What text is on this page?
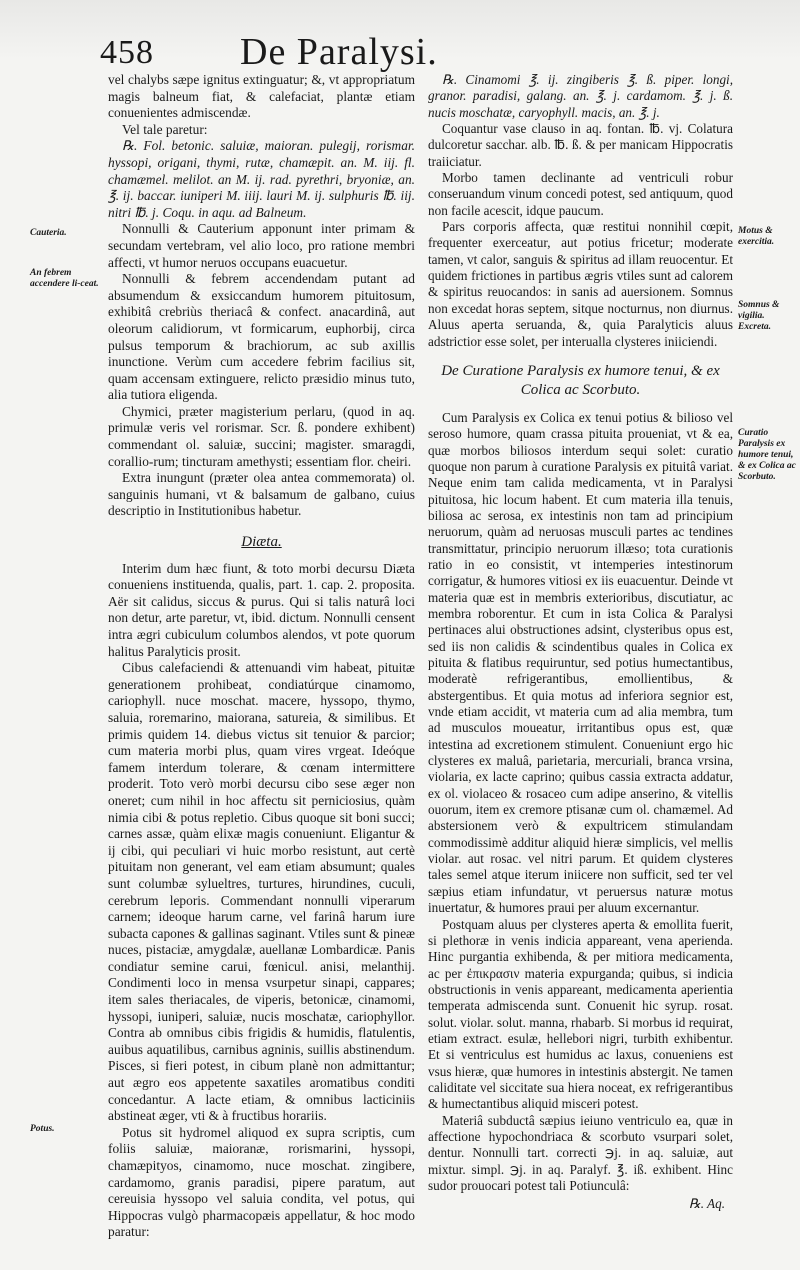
458 De Paralysi.
Cauteria.
An febrem accendere li-ceat.
Potus.
Motus & exercitia.
Somnus & vigilia. Excreta.
Curatio Paralysis ex humore tenui, & ex Colica ac Scorbuto.

vel chalybs sæpe ignitus extinguatur; &, vt appropriatum magis balneum fiat, & calefaciat, plantæ etiam conuenientes admiscendæ.

Vel tale paretur:

℞. Fol. betonic. saluiæ, maioran. pulegij, rorismar. hyssopi, origani, thymi, rutæ, chamæpit. an. M. iij. fl. chamæmel. melilot. an M. ij. rad. pyrethri, bryoniæ, an. ℥. ij. baccar. iuniperi M. iiij. lauri M. ij. sulphuris ℔. iij. nitri ℔. j. Coqu. in aqu. ad Balneum.

Nonnulli & Cauterium apponunt inter primam & secundam vertebram, vel alio loco, pro ratione membri affecti, vt humor neruos occupans euacuetur.

Nonnulli & febrem accendendam putant ad absumendum & exsiccandum humorem pituitosum, exhibitâ crebriùs theriacâ & confect. anacardinâ, aut oleorum calidiorum, vt formicarum, euphorbij, circa pulsus temporum & brachiorum, ac sub axillis inunctione. Verùm cum accedere febrim facilius sit, quam accensam extinguere, relicto præsidio minus tuto, alia tutiora eligenda.

Chymici, præter magisterium perlaru, (quod in aq. primulæ veris vel rorismar. Scr. ß. pondere exhibent) commendant ol. saluiæ, succini; magister. smaragdi, corallio-rum; tincturam amethysti; essentiam flor. cheiri.

Extra inungunt (præter olea antea commemorata) ol. sanguinis humani, vt & balsamum de galbano, cuius descriptio in Institutionibus habetur.

Diæta.

Interim dum hæc fiunt, & toto morbi decursu Diæta conueniens instituenda, qualis, part. 1. cap. 2. proposita. Aër sit calidus, siccus & purus. Qui si talis naturâ loci non detur, arte paretur, vt, ibid. dictum. Nonnulli censent intra ægri cubiculum columbos alendos, vt pote quorum halitus Paralyticis prosit.

Cibus calefaciendi & attenuandi vim habeat, pituitæ generationem prohibeat, condiatúrque cinamomo, cariophyll. nuce moschat. macere, hyssopo, thymo, saluia, roremarino, maiorana, satureia, & similibus. Et primis quidem 14. diebus victus sit tenuior & parcior; cum materia morbi plus, quam vires vrgeat. Ideóque famem interdum tolerare, & cœnam intermittere proderit. Toto verò morbi decursu cibo sese æger non oneret; cum nihil in hoc affectu sit perniciosius, quàm nimia cibi & potus repletio. Cibus quoque sit boni succi; carnes assæ, quàm elixæ magis conueniunt. Eligantur & ij cibi, qui peculiari vi huic morbo resistunt, aut certè pituitam non generant, vel eam etiam absumunt; quales sunt columbæ sylueltres, turtures, hirundines, cuculi, cerebrum leporis. Commendant nonnulli viperarum carnem; ideoque harum carne, vel farinâ harum iure subacta capones & gallinas saginant. Vtiles sunt & pineæ nuces, pistaciæ, amygdalæ, auellanæ Lombardicæ. Panis condiatur semine carui, fœnicul. anisi, melanthij. Condimenti loco in mensa vsurpetur sinapi, cappares; item sales theriacales, de viperis, betonicæ, cinamomi, hyssopi, iuniperi, saluiæ, nucis moschatæ, cariophyllor. Contra ab omnibus cibis frigidis & humidis, flatulentis, auibus aquatilibus, carnibus agninis, suillis abstinendum. Pisces, si fieri potest, in cibum planè non admittantur; aut ægro eos appetente saxatiles aromatibus conditi concedantur. A lacte etiam, & omnibus lacticiniis abstineat æger, vti & à fructibus horariis.

Potus sit hydromel aliquod ex supra scriptis, cum foliis saluiæ, maioranæ, rorismarini, hyssopi, chamæpityos, cinamomo, nuce moschat. zingibere, cardamomo, granis paradisi, pipere paratum, aut cereuisia hyssopo vel saluia condita, vel potus, qui Hippocras vulgò pharmacopæis appellatur, & hoc modo paratur:

℞. Cinamomi ℥. ij. zingiberis ℥. ß. piper. longi, granor. paradisi, galang. an. ℥. j. cardamom. ℥. j. ß. nucis moschatæ, caryophyll. macis, an. ℥. j.

Coquantur vase clauso in aq. fontan. ℔. vj. Colatura dulcoretur sacchar. alb. ℔. ß. & per manicam Hippocratis traiiciatur.

Morbo tamen declinante ad ventriculi robur conseruandum vinum concedi potest, sed antiquum, quod non facile acescit, idque paucum.

Pars corporis affecta, quæ restitui nonnihil cœpit, frequenter exerceatur, aut potius fricetur; moderate tamen, vt calor, sanguis & spiritus ad illam reuocentur. Et quidem frictiones in partibus ægris vtiles sunt ad calorem & spiritus reuocandos: in sanis ad auersionem. Somnus non excedat horas septem, sitque nocturnus, non diurnus. Aluus aperta seruanda, &, quia Paralyticis aluus adstrictior esse solet, per interualla clysteres iniiciendi.

De Curatione Paralysis ex humore tenui, & ex Colica ac Scorbuto.

Cum Paralysis ex Colica ex tenui potius & bilioso vel seroso humore, quam crassa pituita proueniat, vt & ea, quæ morbos biliosos interdum sequi solet: curatio quoque non parum à curatione Paralysis ex pituitâ variat. Neque enim tam calida medicamenta, vt in Paralysi pituitosa, hic locum habent. Et cum materia illa tenuis, biliosa ac serosa, ex intestinis non tam ad principium neruorum, quàm ad neruosas musculi partes ac tendines transmittatur, principio neruorum illæso; tota curationis ratio in eo consistit, vt intemperies intestinorum corrigatur, & humores vitiosi ex iis euacuentur. Deinde vt materia quæ est in membris exterioribus, discutiatur, ac membra roborentur. Et cum in ista Colica & Paralysi pertinaces alui obstructiones adsint, clysteribus opus est, sed iis non calidis & scindentibus quales in Colica ex pituita & flatibus requiruntur, sed potius humectantibus, moderatè refrigerantibus, emollientibus, & abstergentibus. Et quia motus ad inferiora segnior est, vnde etiam accidit, vt materia cum ad alia membra, tum ad musculos moueatur, irritantibus opus est, quæ intestina ad excretionem stimulent. Conueniunt ergo hic clysteres ex maluâ, parietaria, mercuriali, branca vrsina, violaria, ex lacte caprino; quibus cassia extracta addatur, ex ol. violaceo & rosaceo cum adipe anserino, & vitellis ouorum, item ex cremore ptisanæ cum ol. chamæmel. Ad abstersionem verò & expultricem stimulandam commodissimè additur aliquid hieræ simplicis, vel mellis violar. aut rosac. vel nitri parum. Et quidem clysteres tales semel atque iterum iniicere non sufficit, sed ter vel sæpius etiam infundatur, vt peruersus naturæ motus inuertatur, & humores praui per aluum excernantur.

Postquam aluus per clysteres aperta & emollita fuerit, si plethoræ in venis indicia appareant, vena aperienda. Hinc purgantia exhibenda, & per mitiora medicamenta, ac per ἐπικρασιν materia expurganda; quibus, si indicia obstructionis in venis appareant, medicamenta aperientia temperata admiscenda sunt. Conuenit hic syrup. rosat. solut. violar. solut. manna, rhabarb. Si morbus id requirat, etiam extract. esulæ, hellebori nigri, turbith exhibentur. Et si ventriculus est humidus ac laxus, conueniens est vsus hieræ, quæ humores in intestinis abstergit. Ne tamen caliditate vel siccitate sua hiera noceat, ex refrigerantibus & humectantibus aliquid misceri potest.

Materiâ subductâ sæpius ieiuno ventriculo ea, quæ in affectione hypochondriaca & scorbuto vsurpari solet, dentur. Nonnulli tart. correcti ℈j. in aq. saluiæ, aut mixtur. simpl. ℈j. in aq. Paralyf. ℥. iß. exhibent. Hinc sudor prouocari potest tali Potiunculâ:

℞. Aq.
